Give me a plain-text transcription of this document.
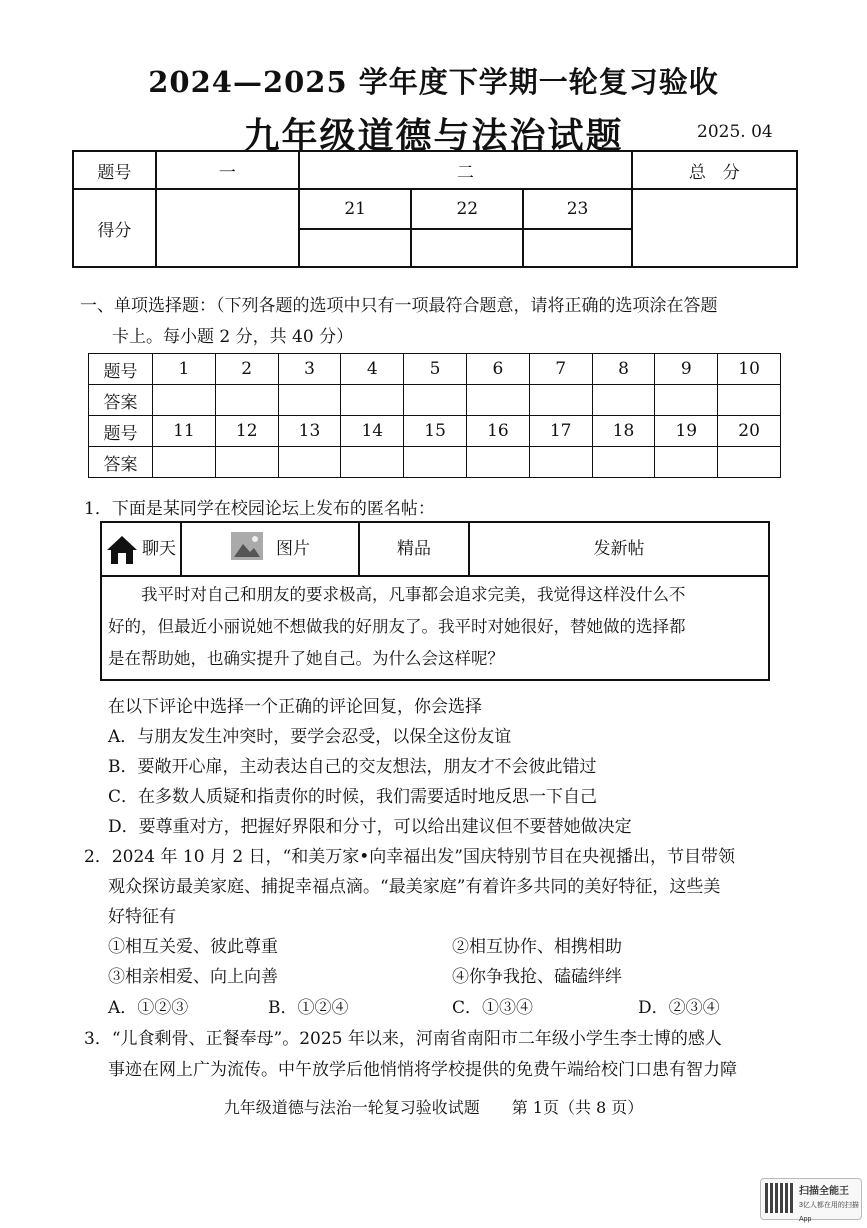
2024—2025 学年度下学期一轮复习验收
九年级道德与法治试题	2025. 04
题号	一	二			总　分
得分		21	22	23	

一、单项选择题：（下列各题的选项中只有一项最符合题意，请将正确的选项涂在答题
卡上。每小题 2 分，共 40 分）
题号	1	2	3	4	5	6	7	8	9	10
答案										
题号	11	12	13	14	15	16	17	18	19	20
答案										
1．下面是某同学在校园论坛上发布的匿名帖：
聊天	图片	精品	发新帖
我平时对自己和朋友的要求极高，凡事都会追求完美，我觉得这样没什么不
好的，但最近小丽说她不想做我的好朋友了。我平时对她很好，替她做的选择都
是在帮助她，也确实提升了她自己。为什么会这样呢？
在以下评论中选择一个正确的评论回复，你会选择
A．与朋友发生冲突时，要学会忍受，以保全这份友谊
B．要敞开心扉，主动表达自己的交友想法，朋友才不会彼此错过
C．在多数人质疑和指责你的时候，我们需要适时地反思一下自己
D．要尊重对方，把握好界限和分寸，可以给出建议但不要替她做决定
2．2024 年 10 月 2 日，“和美万家•向幸福出发”国庆特别节目在央视播出，节目带领
观众探访最美家庭、捕捉幸福点滴。“最美家庭”有着许多共同的美好特征，这些美
好特征有
①相互关爱、彼此尊重	②相互协作、相携相助
③相亲相爱、向上向善	④你争我抢、磕磕绊绊
A．①②③	B．①②④	C．①③④	D．②③④
3．“儿食剩骨、正餐奉母”。2025 年以来，河南省南阳市二年级小学生李士博的感人
事迹在网上广为流传。中午放学后他悄悄将学校提供的免费午端给校门口患有智力障
九年级道德与法治一轮复习验收试题　　第 1页（共 8 页）
扫描全能王
3亿人都在用的扫描App
